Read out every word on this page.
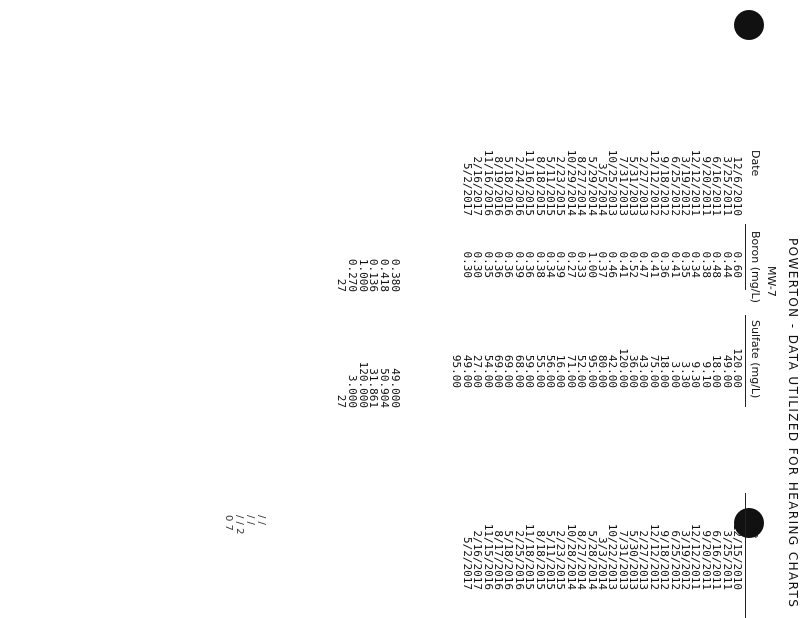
POWERTON - DATA UTILIZED FOR HEARING CHARTS
MW-7
Date
Boron (mg/L)
Sulfate (mg/L)
Date
12/6/2010
3/25/2011
6/16/2011
9/20/2011
12/12/2011
3/19/2012
6/25/2012
9/18/2012
12/12/2012
2/27/2013
5/31/2013
7/31/2013
10/25/2013
3/5/2014
5/29/2014
8/27/2014
10/29/2014
2/23/2015
5/11/2015
8/18/2015
11/16/2015
2/24/2016
5/18/2016
8/19/2016
11/16/2016
2/16/2017
5/2/2017
0.60
0.44
0.48
0.38
0.34
0.35
0.41
0.36
0.41
0.47
0.52
0.41
0.46
0.37
1.00
0.33
0.27
0.39
0.34
0.38
0.36
0.39
0.36
0.36
0.35
0.30
0.30
120.00
49.00
18.00
9.10
9.30
3.30
3.00
18.00
75.00
43.00
36.00
120.00
42.00
80.00
95.00
52.00
71.00
16.00
56.00
55.00
59.00
68.00
69.00
69.00
54.00
27.00
49.00
95.00
12/15/2010
3/25/2011
6/16/2011
9/20/2011
12/12/2011
3/19/2012
6/25/2012
9/18/2012
12/12/2012
2/27/2013
5/30/2013
7/31/2013
10/22/2013
3/3/2014
5/28/2014
8/27/2014
10/28/2014
2/23/2015
5/11/2015
8/18/2015
11/18/2015
2/25/2016
5/18/2016
8/17/2016
11/15/2016
2/16/2017
5/2/2017
0.380
0.418
0.136
1.000
0.270
27
49.000
50.904
31.861
120.000
3.000
27
/ /
/ /
/ / 2
0 7
